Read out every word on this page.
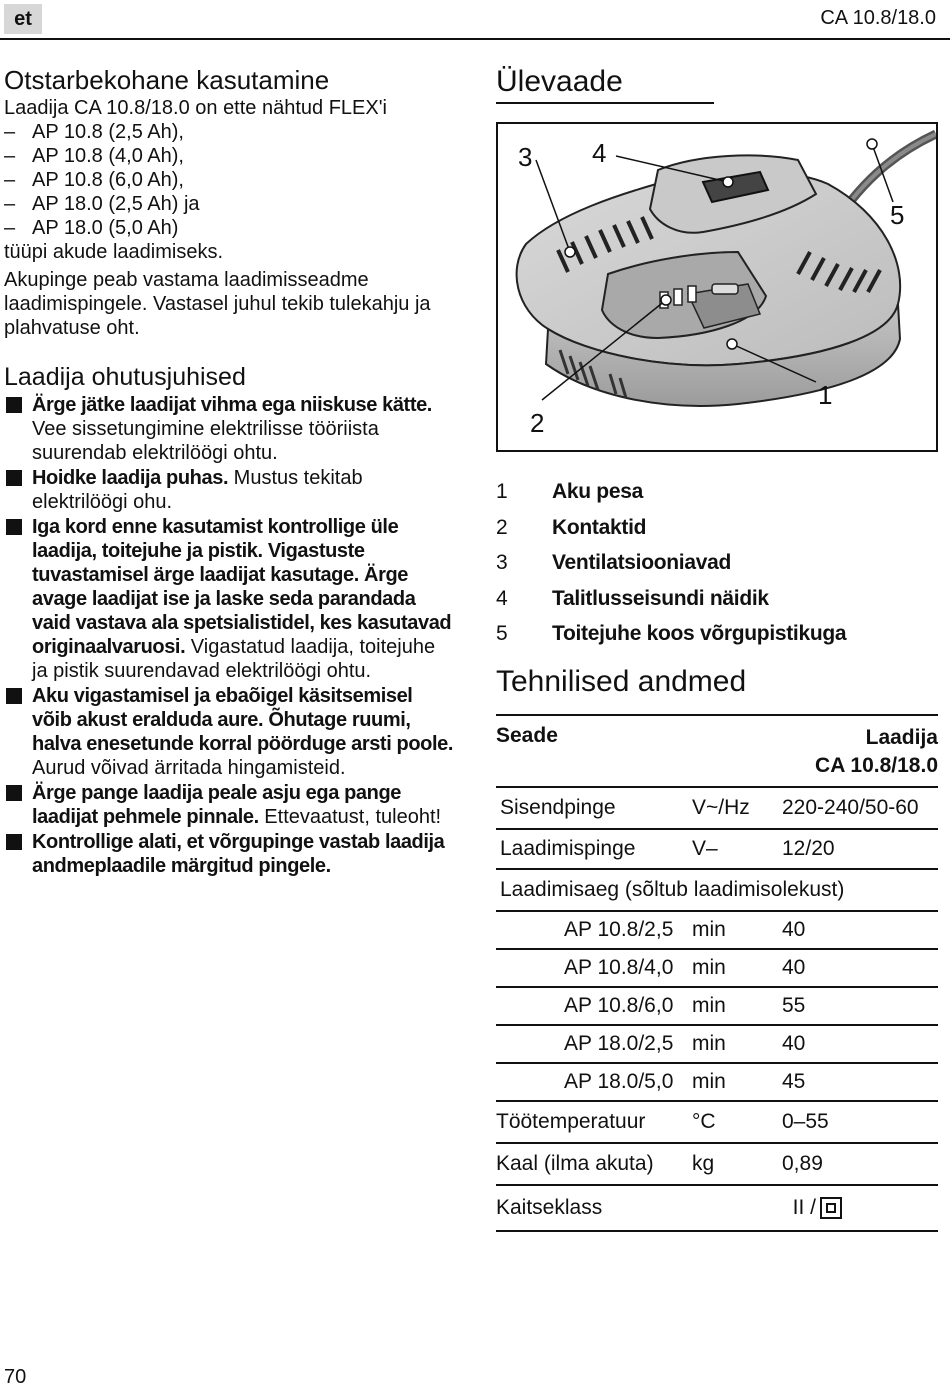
et	CA 10.8/18.0
Otstarbekohane kasutamine
Laadija CA 10.8/18.0 on ette nähtud FLEX'i
– AP 10.8 (2,5 Ah),
– AP 10.8 (4,0 Ah),
– AP 10.8 (6,0 Ah),
– AP 18.0 (2,5 Ah) ja
– AP 18.0 (5,0 Ah)
tüüpi akude laadimiseks.
Akupinge peab vastama laadimisseadme laadimispingele. Vastasel juhul tekib tulekahju ja plahvatuse oht.
Laadija ohutusjuhised
Ärge jätke laadijat vihma ega niiskuse kätte. Vee sissetungimine elektrilisse tööriista suurendab elektrilöögi ohtu.
Hoidke laadija puhas. Mustus tekitab elektrilöögi ohu.
Iga kord enne kasutamist kontrollige üle laadija, toitejuhe ja pistik. Vigastuste tuvastamisel ärge laadijat kasutage. Ärge avage laadijat ise ja laske seda parandada vaid vastava ala spetsialistidel, kes kasutavad originaalvaruosi. Vigastatud laadija, toitejuhe ja pistik suurendavad elektrilöögi ohtu.
Aku vigastamisel ja ebaõigel käsitsemisel võib akust eralduda aure. Õhutage ruumi, halva enesetunde korral pöörduge arsti poole. Aurud võivad ärritada hingamisteid.
Ärge pange laadija peale asju ega pange laadijat pehmele pinnale. Ettevaatust, tuleoht!
Kontrollige alati, et võrgupinge vastab laadija andmeplaadile märgitud pingele.
Ülevaade
3 4
5
1
2
1	Aku pesa
2	Kontaktid
3	Ventilatsiooniavad
4	Talitlusseisundi näidik
5	Toitejuhe koos võrgupistikuga
Tehnilised andmed
Seade	Laadija
CA 10.8/18.0
Sisendpinge	V~/Hz	220-240/50-60
Laadimispinge	V–	12/20
Laadimisaeg (sõltub laadimisolekust)
AP 10.8/2,5 min	40
AP 10.8/4,0 min	40
AP 10.8/6,0 min	55
AP 18.0/2,5 min	40
AP 18.0/5,0 min	45
Töötemperatuur	°C	0–55
Kaal (ilma akuta)	kg	0,89
Kaitseklass	II /
70
